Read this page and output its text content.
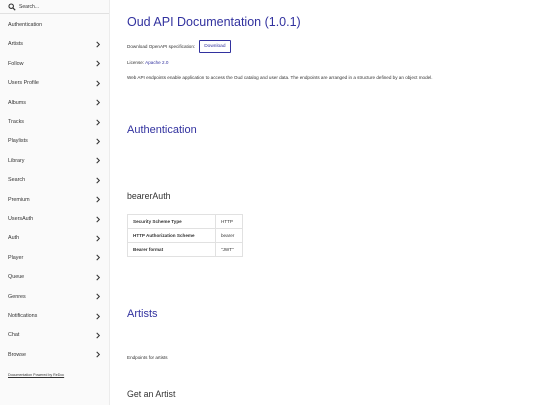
Search...
Authentication
Artists
Follow
Users Profile
Albums
Tracks
Playlists
Library
Search
Premium
UsersAuth
Auth
Player
Queue
Genres
Notifications
Chat
Browse
Documentation Powered by ReDoc
Oud API Documentation (1.0.1)
Download OpenAPI specification:	Download
License: Apache 2.0

Web API endpoints enable application to access the Oud catalog and user data. The endpoints are arranged in a structure defined by an object model.

Authentication
bearerAuth
Security Scheme Type	HTTP
HTTP Authorization Scheme	bearer
Bearer format	"JWT"
Artists

Endpoints for artists

Get an Artist
